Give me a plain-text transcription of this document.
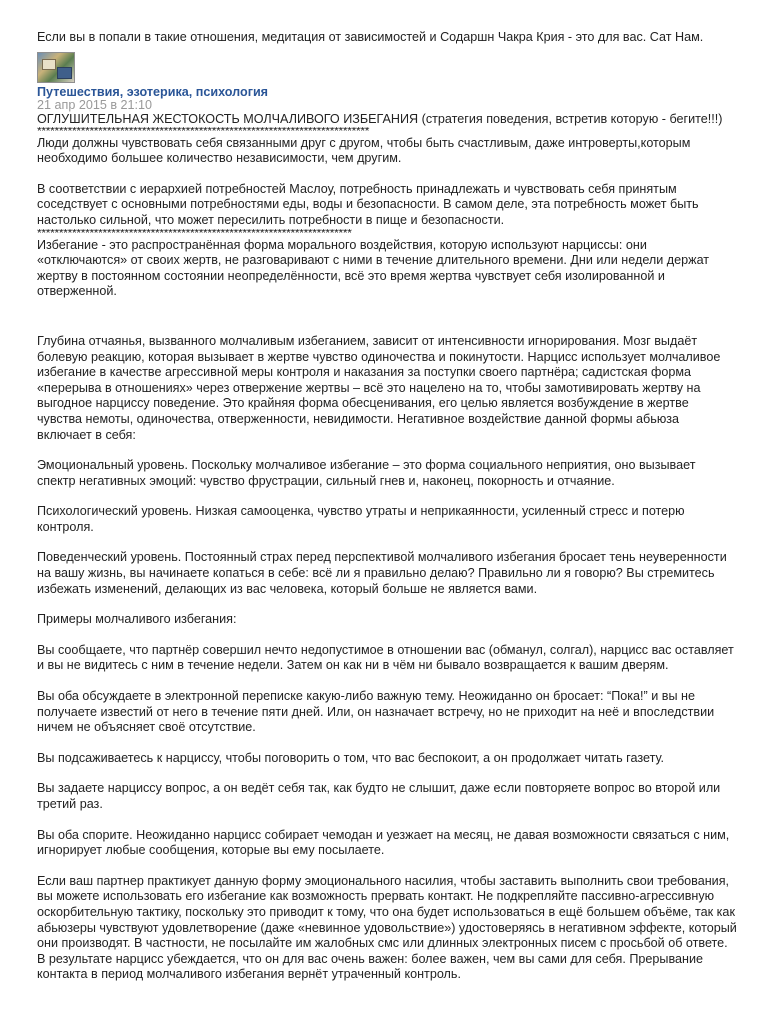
Если вы в попали в такие отношения, медитация от зависимостей и Содаршн Чакра Крия - это для вас. Сат Нам.
Путешествия, эзотерика, психология
21 апр 2015 в 21:10
ОГЛУШИТЕЛЬНАЯ ЖЕСТОКОСТЬ МОЛЧАЛИВОГО ИЗБЕГАНИЯ (стратегия поведения, встретив которую - бегите!!!)
****************************************************************************

Люди должны чувствовать себя связанными друг с другом, чтобы быть счастливым, даже интроверты,которым необходимо большее количество независимости, чем другим.

В соответствии с иерархией потребностей Маслоу, потребность принадлежать и чувствовать себя принятым соседствует с основными потребностями еды, воды и безопасности. В самом деле, эта потребность может быть настолько сильной, что может пересилить потребности в пище и безопасности.

************************************************************************

Избегание - это распространённая форма морального воздействия, которую используют нарциссы: они «отключаются» от своих жертв, не разговаривают с ними в течение длительного времени. Дни или недели держат жертву в постоянном состоянии неопределённости, всё это время жертва чувствует себя изолированной и отверженной.

Глубина отчаянья, вызванного молчаливым избеганием, зависит от интенсивности игнорирования. Мозг выдаёт болевую реакцию, которая вызывает в жертве чувство одиночества и покинутости. Нарцисс использует молчаливое избегание в качестве агрессивной меры контроля и наказания за поступки своего партнёра; садистская форма «перерыва в отношениях» через отвержение жертвы – всё это нацелено на то, чтобы замотивировать жертву на выгодное нарциссу поведение. Это крайняя форма обесценивания, его целью является возбуждение в жертве чувства немоты, одиночества, отверженности, невидимости. Негативное воздействие данной формы абьюза включает в себя:

Эмоциональный уровень. Поскольку молчаливое избегание – это форма социального неприятия, оно вызывает спектр негативных эмоций: чувство фрустрации, сильный гнев и, наконец, покорность и отчаяние.

Психологический уровень. Низкая самооценка, чувство утраты и неприкаянности, усиленный стресс и потерю контроля.

Поведенческий уровень. Постоянный страх перед перспективой молчаливого избегания бросает тень неуверенности на вашу жизнь, вы начинаете копаться в себе: всё ли я правильно делаю? Правильно ли я говорю? Вы стремитесь избежать изменений, делающих из вас человека, который больше не является вами.

Примеры молчаливого избегания:

Вы сообщаете, что партнёр совершил нечто недопустимое в отношении вас (обманул, солгал), нарцисс вас оставляет и вы не видитесь с ним в течение недели. Затем он как ни в чём ни бывало возвращается к вашим дверям.

Вы оба обсуждаете в электронной переписке какую-либо важную тему. Неожиданно он бросает: “Пока!” и вы не получаете известий от него в течение пяти дней. Или, он назначает встречу, но не приходит на неё и впоследствии ничем не объясняет своё отсутствие.

Вы подсаживаетесь к нарциссу, чтобы поговорить о том, что вас беспокоит, а он продолжает читать газету.

Вы задаете нарциссу вопрос, а он ведёт себя так, как будто не слышит, даже если повторяете вопрос во второй или третий раз.

Вы оба спорите. Неожиданно нарцисс собирает чемодан и уезжает на месяц, не давая возможности связаться с ним, игнорирует любые сообщения, которые вы ему посылаете.

Если ваш партнер практикует данную форму эмоционального насилия, чтобы заставить выполнить свои требования, вы можете использовать его избегание как возможность прервать контакт. Не подкрепляйте пассивно-агрессивную оскорбительную тактику, поскольку это приводит к тому, что она будет использоваться в ещё большем объёме, так как абьюзеры чувствуют удовлетворение (даже «невинное удовольствие») удостоверяясь в негативном эффекте, который они производят. В частности, не посылайте им жалобных смс или длинных электронных писем с просьбой об ответе. В результате нарцисс убеждается, что он для вас очень важен: более важен, чем вы сами для себя. Прерывание контакта в период молчаливого избегания вернёт утраченный контроль.
